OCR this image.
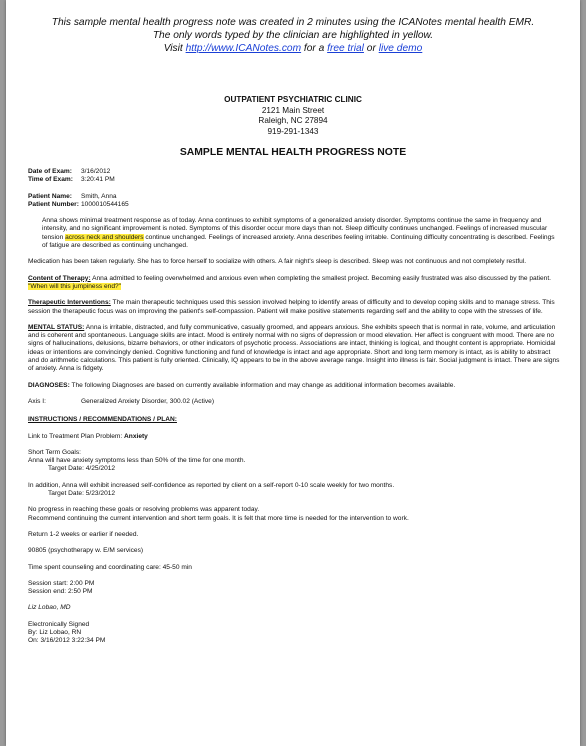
This sample mental health progress note was created in 2 minutes using the ICANotes mental health EMR.
The only words typed by the clinician are highlighted in yellow.
Visit http://www.ICANotes.com for a free trial or live demo
OUTPATIENT PSYCHIATRIC CLINIC
2121 Main Street
Raleigh, NC 27894
919-291-1343
SAMPLE MENTAL HEALTH PROGRESS NOTE
Date of Exam:	3/16/2012
Time of Exam:	3:20:41 PM
Patient Name:	Smith, Anna
Patient Number: 1000010544165

Anna shows minimal treatment response as of today. Anna continues to exhibit symptoms of a generalized anxiety disorder. Symptoms continue the same in frequency and intensity, and no significant improvement is noted. Symptoms of this disorder occur more days than not. Sleep difficulty continues unchanged. Feelings of increased muscular tension across neck and shoulders continue unchanged. Feelings of increased anxiety. Anna describes feeling irritable. Continuing difficulty concentrating is described. Feelings of fatigue are described as continuing unchanged.

Medication has been taken regularly. She has to force herself to socialize with others. A fair night's sleep is described. Sleep was not continuous and not completely restful.

Content of Therapy: Anna admitted to feeling overwhelmed and anxious even when completing the smallest project. Becoming easily frustrated was also discussed by the patient. "When will this jumpiness end?"

Therapeutic Interventions: The main therapeutic techniques used this session involved helping to identify areas of difficulty and to develop coping skills and to manage stress. This session the therapeutic focus was on improving the patient's self-compassion. Patient will make positive statements regarding self and the ability to cope with the stresses of life.

MENTAL STATUS: Anna is irritable, distracted, and fully communicative, casually groomed, and appears anxious. She exhibits speech that is normal in rate, volume, and articulation and is coherent and spontaneous. Language skills are intact. Mood is entirely normal with no signs of depression or mood elevation. Her affect is congruent with mood. There are no signs of hallucinations, delusions, bizarre behaviors, or other indicators of psychotic process. Associations are intact, thinking is logical, and thought content is appropriate. Homicidal ideas or intentions are convincingly denied. Cognitive functioning and fund of knowledge is intact and age appropriate. Short and long term memory is intact, as is ability to abstract and do arithmetic calculations. This patient is fully oriented. Clinically, IQ appears to be in the above average range. Insight into illness is fair. Social judgment is intact. There are signs of anxiety. Anna is fidgety.

DIAGNOSES: The following Diagnoses are based on currently available information and may change as additional information becomes available.

Axis I:	Generalized Anxiety Disorder, 300.02 (Active)

INSTRUCTIONS / RECOMMENDATIONS / PLAN:

Link to Treatment Plan Problem: Anxiety

Short Term Goals:

Anna will have anxiety symptoms less than 50% of the time for one month.

Target Date: 4/25/2012

In addition, Anna will exhibit increased self-confidence as reported by client on a self-report 0-10 scale weekly for two months.

Target Date: 5/23/2012

No progress in reaching these goals or resolving problems was apparent today.

Recommend continuing the current intervention and short term goals. It is felt that more time is needed for the intervention to work.

Return 1-2 weeks or earlier if needed.

90805 (psychotherapy w. E/M services)

Time spent counseling and coordinating care: 45-50 min

Session start: 2:00 PM

Session end: 2:50 PM

Liz Lobao, MD

Electronically Signed

By: Liz Lobao, RN

On: 3/16/2012 3:22:34 PM
